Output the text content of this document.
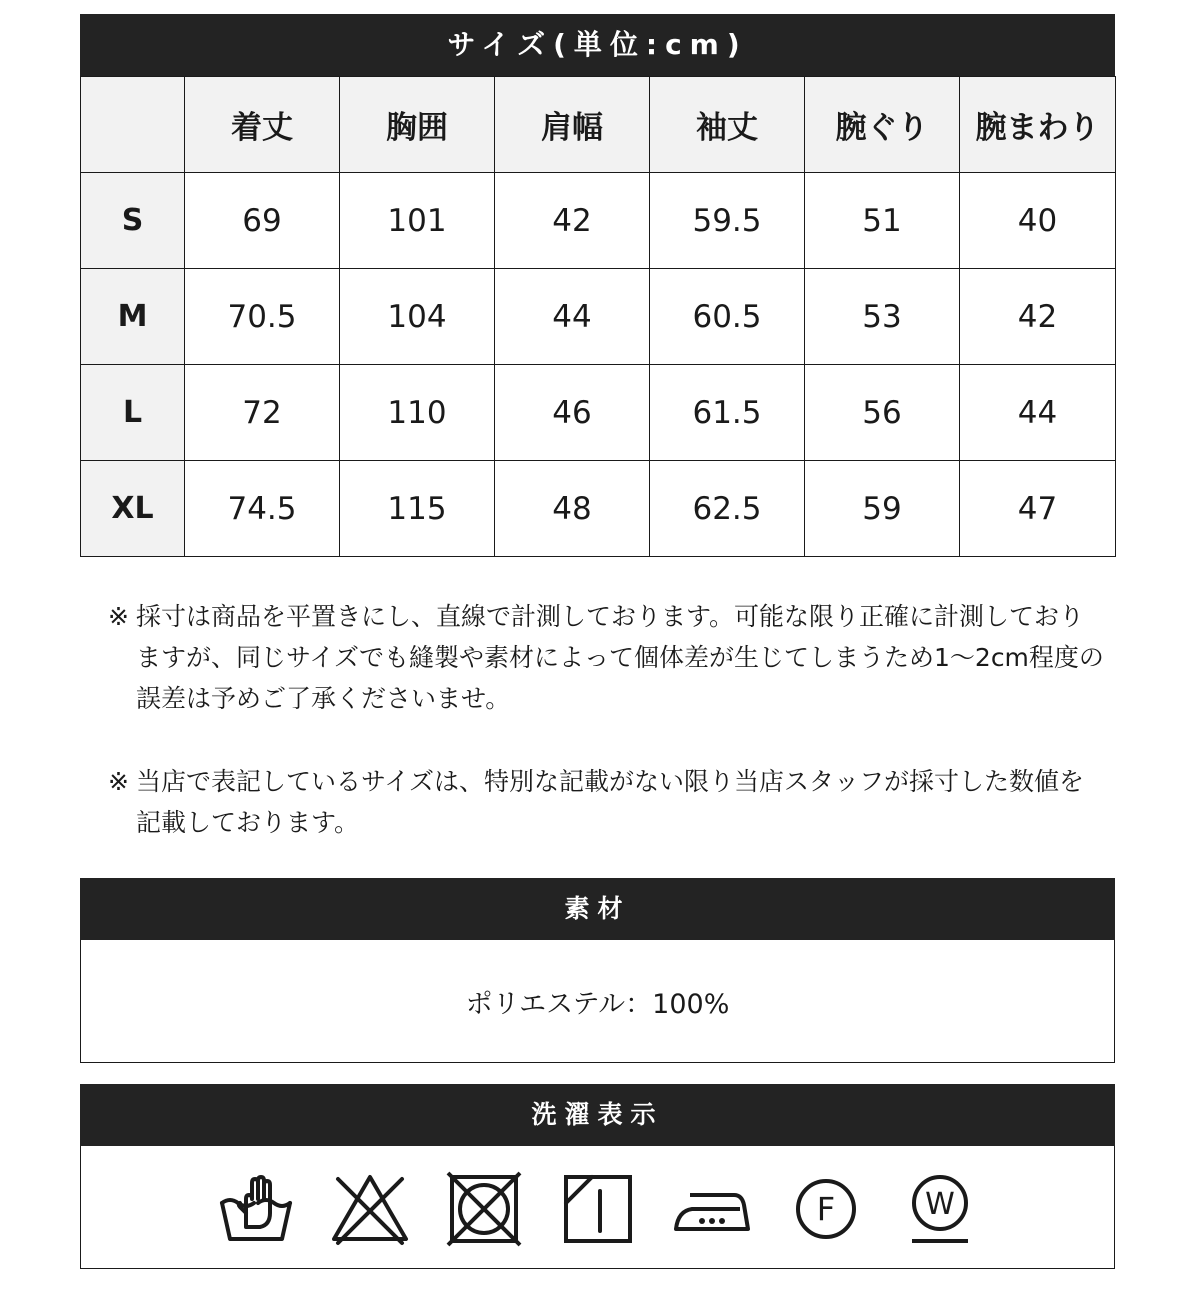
サイズ(単位:cm)
	着丈	胸囲	肩幅	袖丈	腕ぐり	腕まわり
S	69	101	42	59.5	51	40
M	70.5	104	44	60.5	53	42
L	72	110	46	61.5	56	44
XL	74.5	115	48	62.5	59	47
※ 採寸は商品を平置きにし、直線で計測しております。可能な限り正確に計測しておりますが、同じサイズでも縫製や素材によって個体差が生じてしまうため1～2cm程度の誤差は予めご了承くださいませ。
※ 当店で表記しているサイズは、特別な記載がない限り当店スタッフが採寸した数値を記載しております。
素材
ポリエステル：100%
洗濯表示
F	W
